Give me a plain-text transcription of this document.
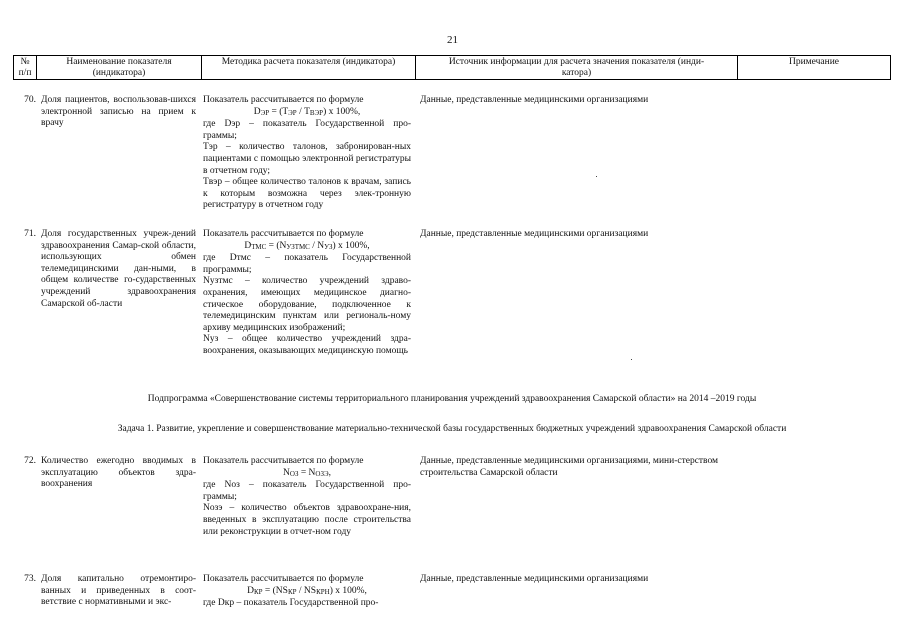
21
№
п/п
Наименование показателя
(индикатора)
Методика расчета показателя (индикатора)	Источник информации для расчета значения показателя (инди-
катора)
Примечание
70. Доля пациентов, воспользовав-шихся электронной записью на прием к врачу
Показатель рассчитывается по формуле
DЭР = (TЭР / TВЭР) x 100%,
где Dэр – показатель Государственной про-граммы;
Tэр – количество талонов, забронирован-ных пациентами с помощью электронной регистратуры в отчетном году;
Tвэр – общее количество талонов к врачам, запись к которым возможна через элек-тронную регистратуру в отчетном году
Данные, представленные медицинскими организациями
71. Доля государственных учреж-дений здравоохранения Самар-ской области, использующих обмен телемедицинскими дан-ными, в общем количестве го-сударственных учреждений здравоохранения Самарской об-ласти
Показатель рассчитывается по формуле
DТМС = (NУЗТМС / NУЗ) x 100%,
где Dтмс – показатель Государственной программы;
Nузтмс – количество учреждений здраво-охранения, имеющих медицинское диагно-стическое оборудование, подключенное к телемедицинским пунктам или региональ-ному архиву медицинских изображений;
Nуз – общее количество учреждений здра-воохранения, оказывающих медицинскую помощь
Данные, представленные медицинскими организациями
72. Количество ежегодно вводимых в эксплуатацию объектов здра-воохранения
Показатель рассчитывается по формуле
NОЗ = NОЗЭ,
где Nоз – показатель Государственной про-граммы;
Nозэ – количество объектов здравоохране-ния, введенных в эксплуатацию после строительства или реконструкции в отчет-ном году
Данные, представленные медицинскими организациями, мини-стерством строительства Самарской области
73. Доля капитально отремонтиро-ванных и приведенных в соот-ветствие с нормативными и экс-
Показатель рассчитывается по формуле
DКР = (NSКР / NSКРН) x 100%,
где Dкр – показатель Государственной про-
Данные, представленные медицинскими организациями
Подпрограмма «Совершенствование системы территориального планирования учреждений здравоохранения Самарской области» на 2014 –2019 годы
Задача 1. Развитие, укрепление и совершенствование материально-технической базы государственных бюджетных учреждений здравоохранения Самарской области
